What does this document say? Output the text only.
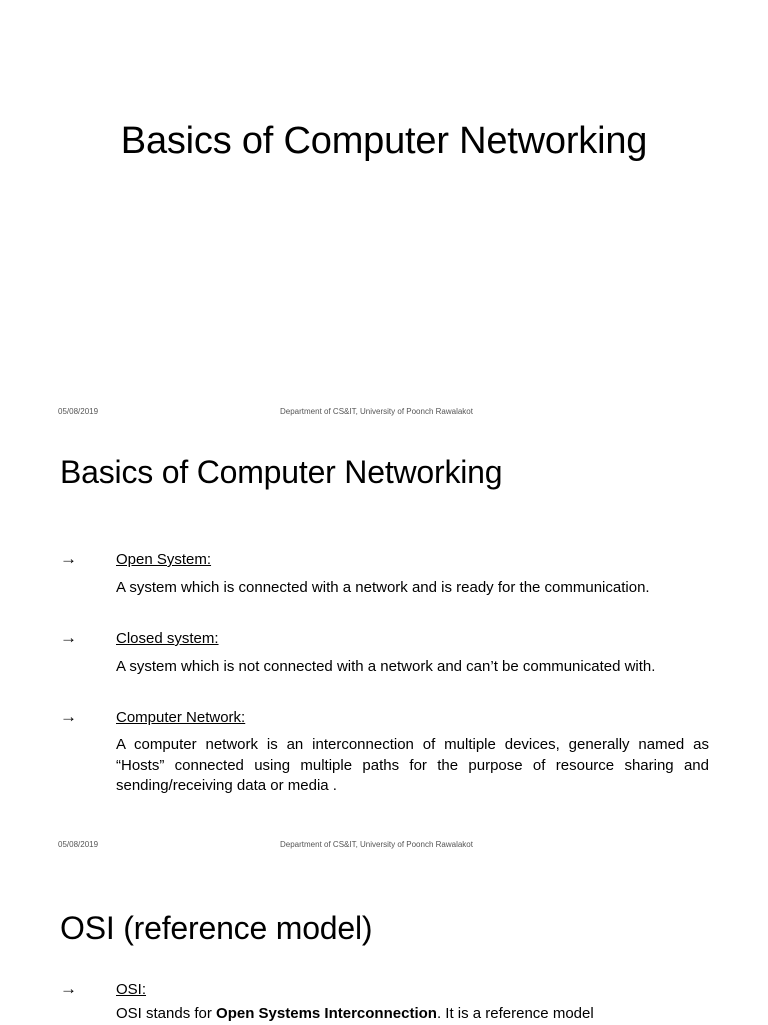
Basics of Computer Networking
05/08/2019	Department of CS&IT, University of Poonch Rawalakot
Basics of Computer Networking
→	Open System:
A system which is connected with a network and is ready for the communication.
→	Closed system:
A system which is not connected with a network and can’t be communicated with.
→	Computer Network:
A computer network is an interconnection of multiple devices, generally named as “Hosts” connected using multiple paths for the purpose of resource sharing and sending/receiving data or media .
05/08/2019	Department of CS&IT, University of Poonch Rawalakot
OSI (reference model)
→	OSI:
OSI stands for Open Systems Interconnection. It is a reference model
